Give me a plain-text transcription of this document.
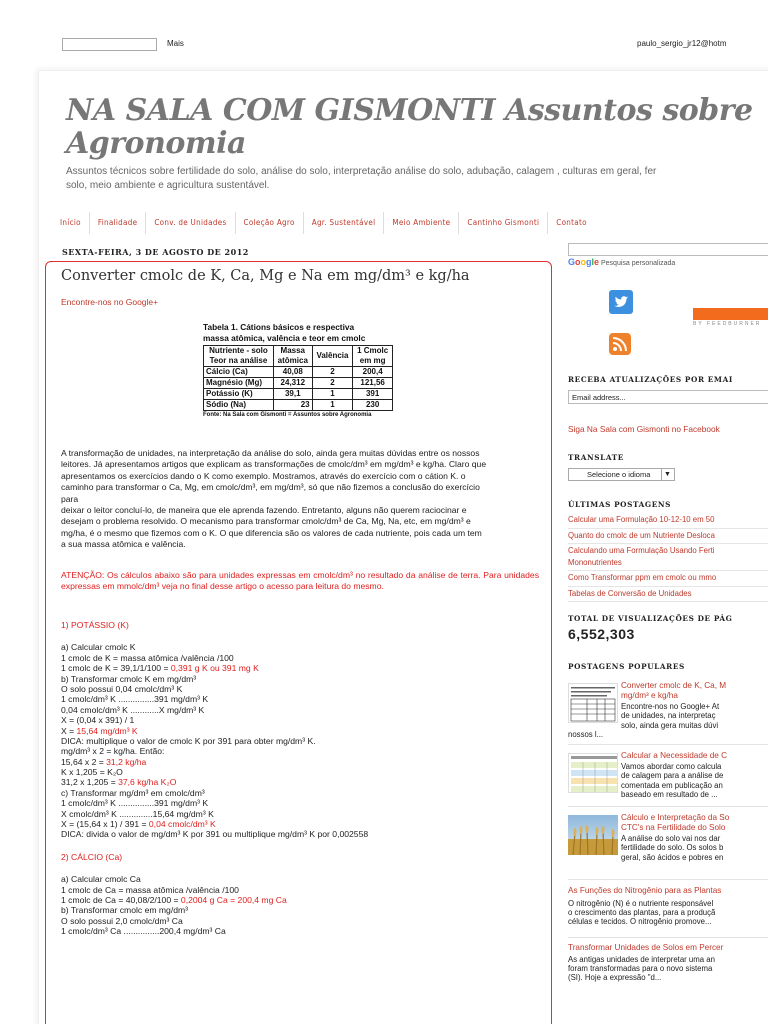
Mais	paulo_sergio_jr12@hotm
NA SALA COM GISMONTI Assuntos sobre Agronomia
Assuntos técnicos sobre fertilidade do solo, análise do solo, interpretação análise do solo, adubação, calagem , culturas em geral, fer
solo, meio ambiente e agricultura sustentável.
Início	Finalidade	Conv. de Unidades	Coleção Agro	Agr. Sustentável	Meio Ambiente	Cantinho Gismonti	Contato
SEXTA-FEIRA, 3 DE AGOSTO DE 2012
Converter cmolc de K, Ca, Mg e Na em mg/dm³ e kg/ha
Encontre-nos no Google+
Tabela 1. Cátions básicos e respectiva
massa atômica, valência e teor em cmolc
Nutriente - solo
Teor na análise	Massa
atômica	Valência	1 Cmolc
em mg
Cálcio (Ca)	40,08	2	200,4
Magnésio (Mg)	24,312	2	121,56
Potássio (K)	39,1	1	391
Sódio (Na)	23	1	230
Fonte: Na Sala com Gismonti = Assuntos sobre Agronomia
A transformação de unidades, na interpretação da análise do solo, ainda gera muitas dúvidas entre os nossos
leitores. Já apresentamos artigos que explicam as transformações de cmolc/dm³ em mg/dm³ e kg/ha. Claro que
apresentamos os exercícios dando o K como exemplo. Mostramos, através do exercício com o cátion K. o
caminho para transformar o Ca, Mg, em cmolc/dm³, em mg/dm³, só que não fizemos a conclusão do exercício
para
deixar o leitor concluí-lo, de maneira que ele aprenda fazendo. Entretanto, alguns não querem raciocinar e
desejam o problema resolvido. O mecanismo para transformar cmolc/dm³ de Ca, Mg, Na, etc, em mg/dm³ e
mg/ha, é o mesmo que fizemos com o K. O que diferencia são os valores de cada nutriente, pois cada um tem
a sua massa atômica e valência.
ATENÇÃO: Os cálculos abaixo são para unidades expressas em cmolc/dm³ no resultado da análise de terra. Para unidades expressas em mmolc/dm³ veja no final desse artigo o acesso para leitura do mesmo.
1) POTÁSSIO (K)
a) Calcular cmolc K
1 cmolc de K = massa atômica /valência /100
1 cmolc de K = 39,1/1/100 = 0,391 g K ou 391 mg K
b) Transformar cmolc K em mg/dm³
O solo possui 0,04 cmolc/dm³ K
1 cmolc/dm³ K ...............391 mg/dm³ K
0,04 cmolc/dm³ K ............X mg/dm³ K
X = (0,04 x 391) / 1
X = 15,64 mg/dm³ K
DICA: multiplique o valor de cmolc K por 391 para obter mg/dm³ K.
mg/dm³ x 2 = kg/ha. Então:
15,64 x 2 = 31,2 kg/ha
K x 1,205 = K₂O
31,2 x 1,205 = 37,6 kg/ha K₂O
c) Transformar mg/dm³ em cmolc/dm³
1 cmolc/dm³ K ...............391 mg/dm³ K
X cmolc/dm³ K ..............15,64 mg/dm³ K
X = (15,64 x 1) / 391 = 0,04 cmolc/dm³ K
DICA: divida o valor de mg/dm³ K por 391 ou multiplique mg/dm³ K por 0,002558
2) CÁLCIO (Ca)
a) Calcular cmolc Ca
1 cmolc de Ca = massa atômica /valência /100
1 cmolc de Ca = 40,08/2/100 = 0,2004 g Ca = 200,4 mg Ca
b) Transformar cmolc em mg/dm³
O solo possui 2,0 cmolc/dm³ Ca
1 cmolc/dm³ Ca ...............200,4 mg/dm³ Ca
Google Pesquisa personalizada
BY FEEDBURNER
RECEBA ATUALIZAÇÕES POR EMAI
Email address...
Siga Na Sala com Gismonti no Facebook
TRANSLATE
Selecione o idioma	▼
ÚLTIMAS POSTAGENS
Calcular uma Formulação 10-12-10 em 50
Quanto do cmolc de um Nutriente Desloca
Calculando uma Formulação Usando Ferti
Mononutrientes
Como Transformar ppm em cmolc ou mmo
Tabelas de Conversão de Unidades
TOTAL DE VISUALIZAÇÕES DE PÁG
6,552,303
POSTAGENS POPULARES
Converter cmolc de K, Ca, M
mg/dm³ e kg/ha
Encontre-nos no Google+ At
de unidades, na interpretaç
solo, ainda gera muitas dúvi
nossos l...
Calcular a Necessidade de C
Vamos abordar como calcula
de calagem para a análise de
comentada em publicação an
baseado em resultado de ...
Cálculo e Interpretação da So
CTC's na Fertilidade do Solo
A análise do solo vai nos dar
fertilidade do solo. Os solos b
geral, são ácidos e pobres en
As Funções do Nitrogênio para as Plantas
O nitrogênio (N) é o nutriente responsável
o crescimento das plantas, para a produçã
células e tecidos. O nitrogênio promove...
Transformar Unidades de Solos em Percer
As antigas unidades de interpretar uma an
foram transformadas para o novo sistema
(SI). Hoje a expressão "d...
